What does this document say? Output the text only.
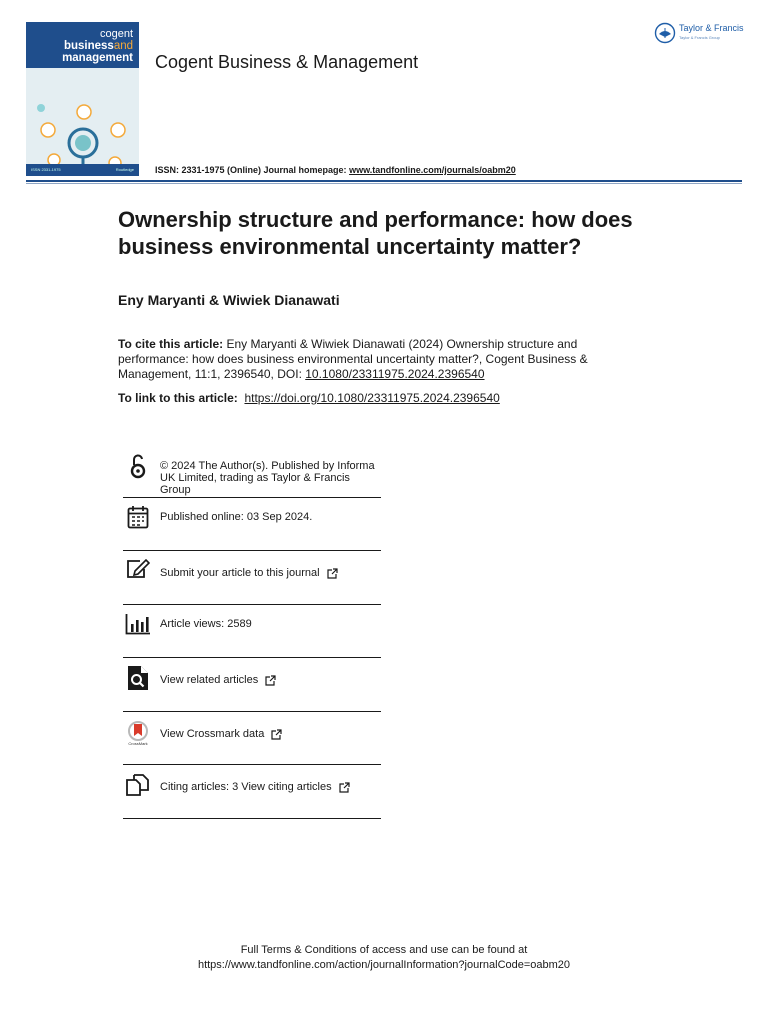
cogent
businessand
management
ISSN 2331-1975	Routledge
Cogent Business & Management
Taylor & Francis
Taylor & Francis Group
ISSN: 2331-1975 (Online) Journal homepage: www.tandfonline.com/journals/oabm20
Ownership structure and performance: how does business environmental uncertainty matter?
Eny Maryanti & Wiwiek Dianawati
To cite this article: Eny Maryanti & Wiwiek Dianawati (2024) Ownership structure and performance: how does business environmental uncertainty matter?, Cogent Business & Management, 11:1, 2396540, DOI: 10.1080/23311975.2024.2396540
To link to this article: https://doi.org/10.1080/23311975.2024.2396540
© 2024 The Author(s). Published by Informa UK Limited, trading as Taylor & Francis Group
Published online: 03 Sep 2024.
Submit your article to this journal
Article views: 2589
View related articles
CrossMark
View Crossmark data
Citing articles: 3 View citing articles
Full Terms & Conditions of access and use can be found at
https://www.tandfonline.com/action/journalInformation?journalCode=oabm20
